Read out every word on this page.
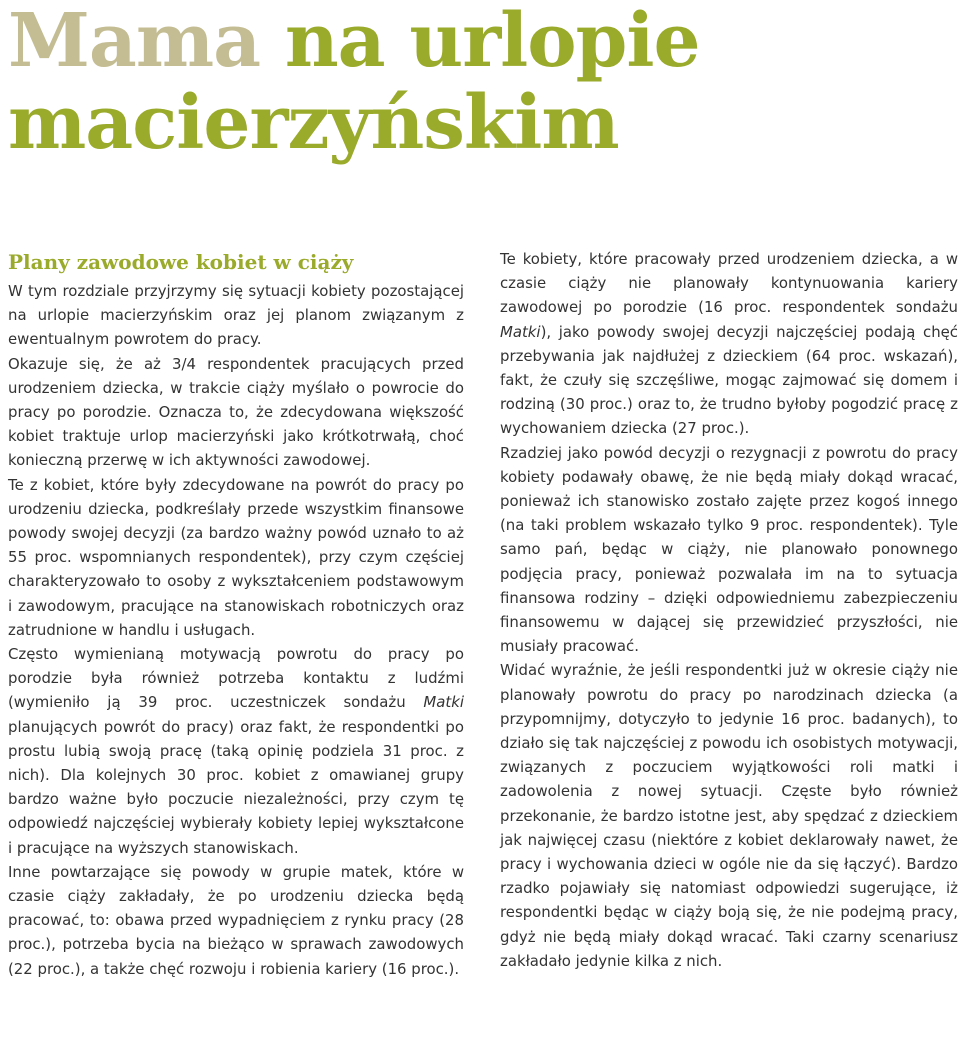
Mama na urlopie
macierzyńskim
Plany zawodowe kobiet w ciąży

W tym rozdziale przyjrzymy się sytuacji kobiety pozostającej na urlopie macierzyńskim oraz jej planom związanym z ewentualnym powrotem do pracy.

Okazuje się, że aż 3/4 respondentek pracujących przed urodzeniem dziecka, w trakcie ciąży myślało o powrocie do pracy po porodzie. Oznacza to, że zdecydowana większość kobiet traktuje urlop macierzyński jako krótkotrwałą, choć konieczną przerwę w ich aktywności zawodowej.

Te z kobiet, które były zdecydowane na powrót do pracy po urodzeniu dziecka, podkreślały przede wszystkim finansowe powody swojej decyzji (za bardzo ważny powód uznało to aż 55 proc. wspomnianych respondentek), przy czym częściej charakteryzowało to osoby z wykształceniem podstawowym i zawodowym, pracujące na stanowiskach robotniczych oraz zatrudnione w handlu i usługach.

Często wymienianą motywacją powrotu do pracy po porodzie była również potrzeba kontaktu z ludźmi (wymieniło ją 39 proc. uczestniczek sondażu Matki planujących powrót do pracy) oraz fakt, że respondentki po prostu lubią swoją pracę (taką opinię podziela 31 proc. z nich). Dla kolejnych 30 proc. kobiet z omawianej grupy bardzo ważne było poczucie niezależności, przy czym tę odpowiedź najczęściej wybierały kobiety lepiej wykształcone i pracujące na wyższych stanowiskach.

Inne powtarzające się powody w grupie matek, które w czasie ciąży zakładały, że po urodzeniu dziecka będą pracować, to: obawa przed wypadnięciem z rynku pracy (28 proc.), potrzeba bycia na bieżąco w sprawach zawodowych (22 proc.), a także chęć rozwoju i robienia kariery (16 proc.).

Te kobiety, które pracowały przed urodzeniem dziecka, a w czasie ciąży nie planowały kontynuowania kariery zawodowej po porodzie (16 proc. respondentek sondażu Matki), jako powody swojej decyzji najczęściej podają chęć przebywania jak najdłużej z dzieckiem (64 proc. wskazań), fakt, że czuły się szczęśliwe, mogąc zajmować się domem i rodziną (30 proc.) oraz to, że trudno byłoby pogodzić pracę z wychowaniem dziecka (27 proc.).

Rzadziej jako powód decyzji o rezygnacji z powrotu do pracy kobiety podawały obawę, że nie będą miały dokąd wracać, ponieważ ich stanowisko zostało zajęte przez kogoś innego (na taki problem wskazało tylko 9 proc. respondentek). Tyle samo pań, będąc w ciąży, nie planowało ponownego podjęcia pracy, ponieważ pozwalała im na to sytuacja finansowa rodziny – dzięki odpowiedniemu zabezpieczeniu finansowemu w dającej się przewidzieć przyszłości, nie musiały pracować.

Widać wyraźnie, że jeśli respondentki już w okresie ciąży nie planowały powrotu do pracy po narodzinach dziecka (a przypomnijmy, dotyczyło to jedynie 16 proc. badanych), to działo się tak najczęściej z powodu ich osobistych motywacji, związanych z poczuciem wyjątkowości roli matki i zadowolenia z nowej sytuacji. Częste było również przekonanie, że bardzo istotne jest, aby spędzać z dzieckiem jak najwięcej czasu (niektóre z kobiet deklarowały nawet, że pracy i wychowania dzieci w ogóle nie da się łączyć). Bardzo rzadko pojawiały się natomiast odpowiedzi sugerujące, iż respondentki będąc w ciąży boją się, że nie podejmą pracy, gdyż nie będą miały dokąd wracać. Taki czarny scenariusz zakładało jedynie kilka z nich.
